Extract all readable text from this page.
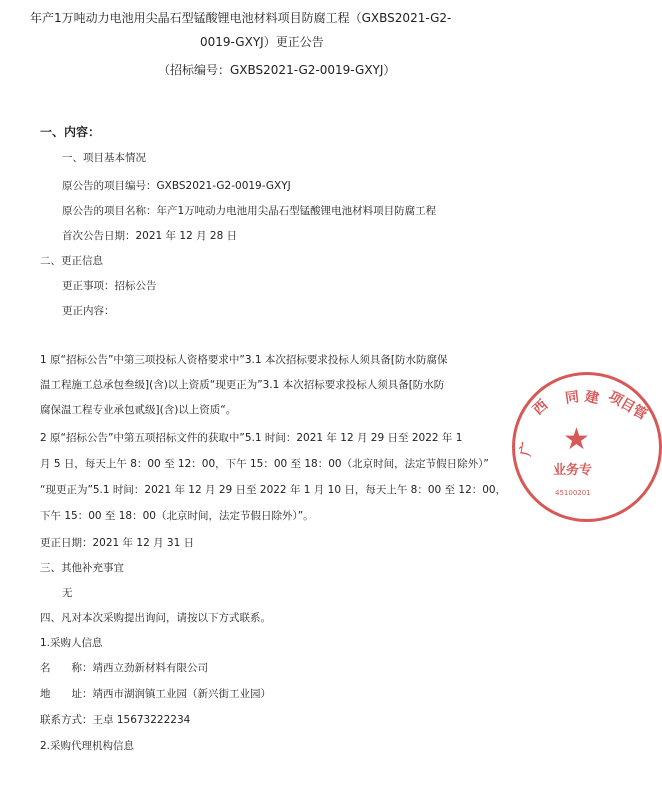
年产1万吨动力电池用尖晶石型锰酸锂电池材料项目防腐工程（GXBS2021-G2-
0019-GXYJ）更正公告
（招标编号：GXBS2021-G2-0019-GXYJ）
一、内容：
一、项目基本情况
原公告的项目编号：GXBS2021-G2-0019-GXYJ
原公告的项目名称：年产1万吨动力电池用尖晶石型锰酸锂电池材料项目防腐工程
首次公告日期：2021 年 12 月 28 日
二、更正信息
更正事项：招标公告
更正内容：
1 原“招标公告”中第三项投标人资格要求中”3.1 本次招标要求投标人须具备[防水防腐保
温工程施工总承包叁级](含)以上资质“现更正为”3.1 本次招标要求投标人须具备[防水防
腐保温工程专业承包贰级](含)以上资质“。
2 原“招标公告”中第五项招标文件的获取中”5.1 时间：2021 年 12 月 29 日至 2022 年 1
月 5 日，每天上午 8：00 至 12：00，下午 15：00 至 18：00（北京时间，法定节假日除外）”
“现更正为”5.1 时间：2021 年 12 月 29 日至 2022 年 1 月 10 日，每天上午 8：00 至 12：00，
下午 15：00 至 18：00（北京时间，法定节假日除外）”。
更正日期：2021 年 12 月 31 日
三、其他补充事宜
无
四、凡对本次采购提出询问，请按以下方式联系。
1.采购人信息
名　　称：靖西立劲新材料有限公司
地　　址：靖西市湖润镇工业园（新兴街工业园）
联系方式：王卓 15673222234
2.采购代理机构信息
广
西 同 建 项目管
★
业务专
45100201
